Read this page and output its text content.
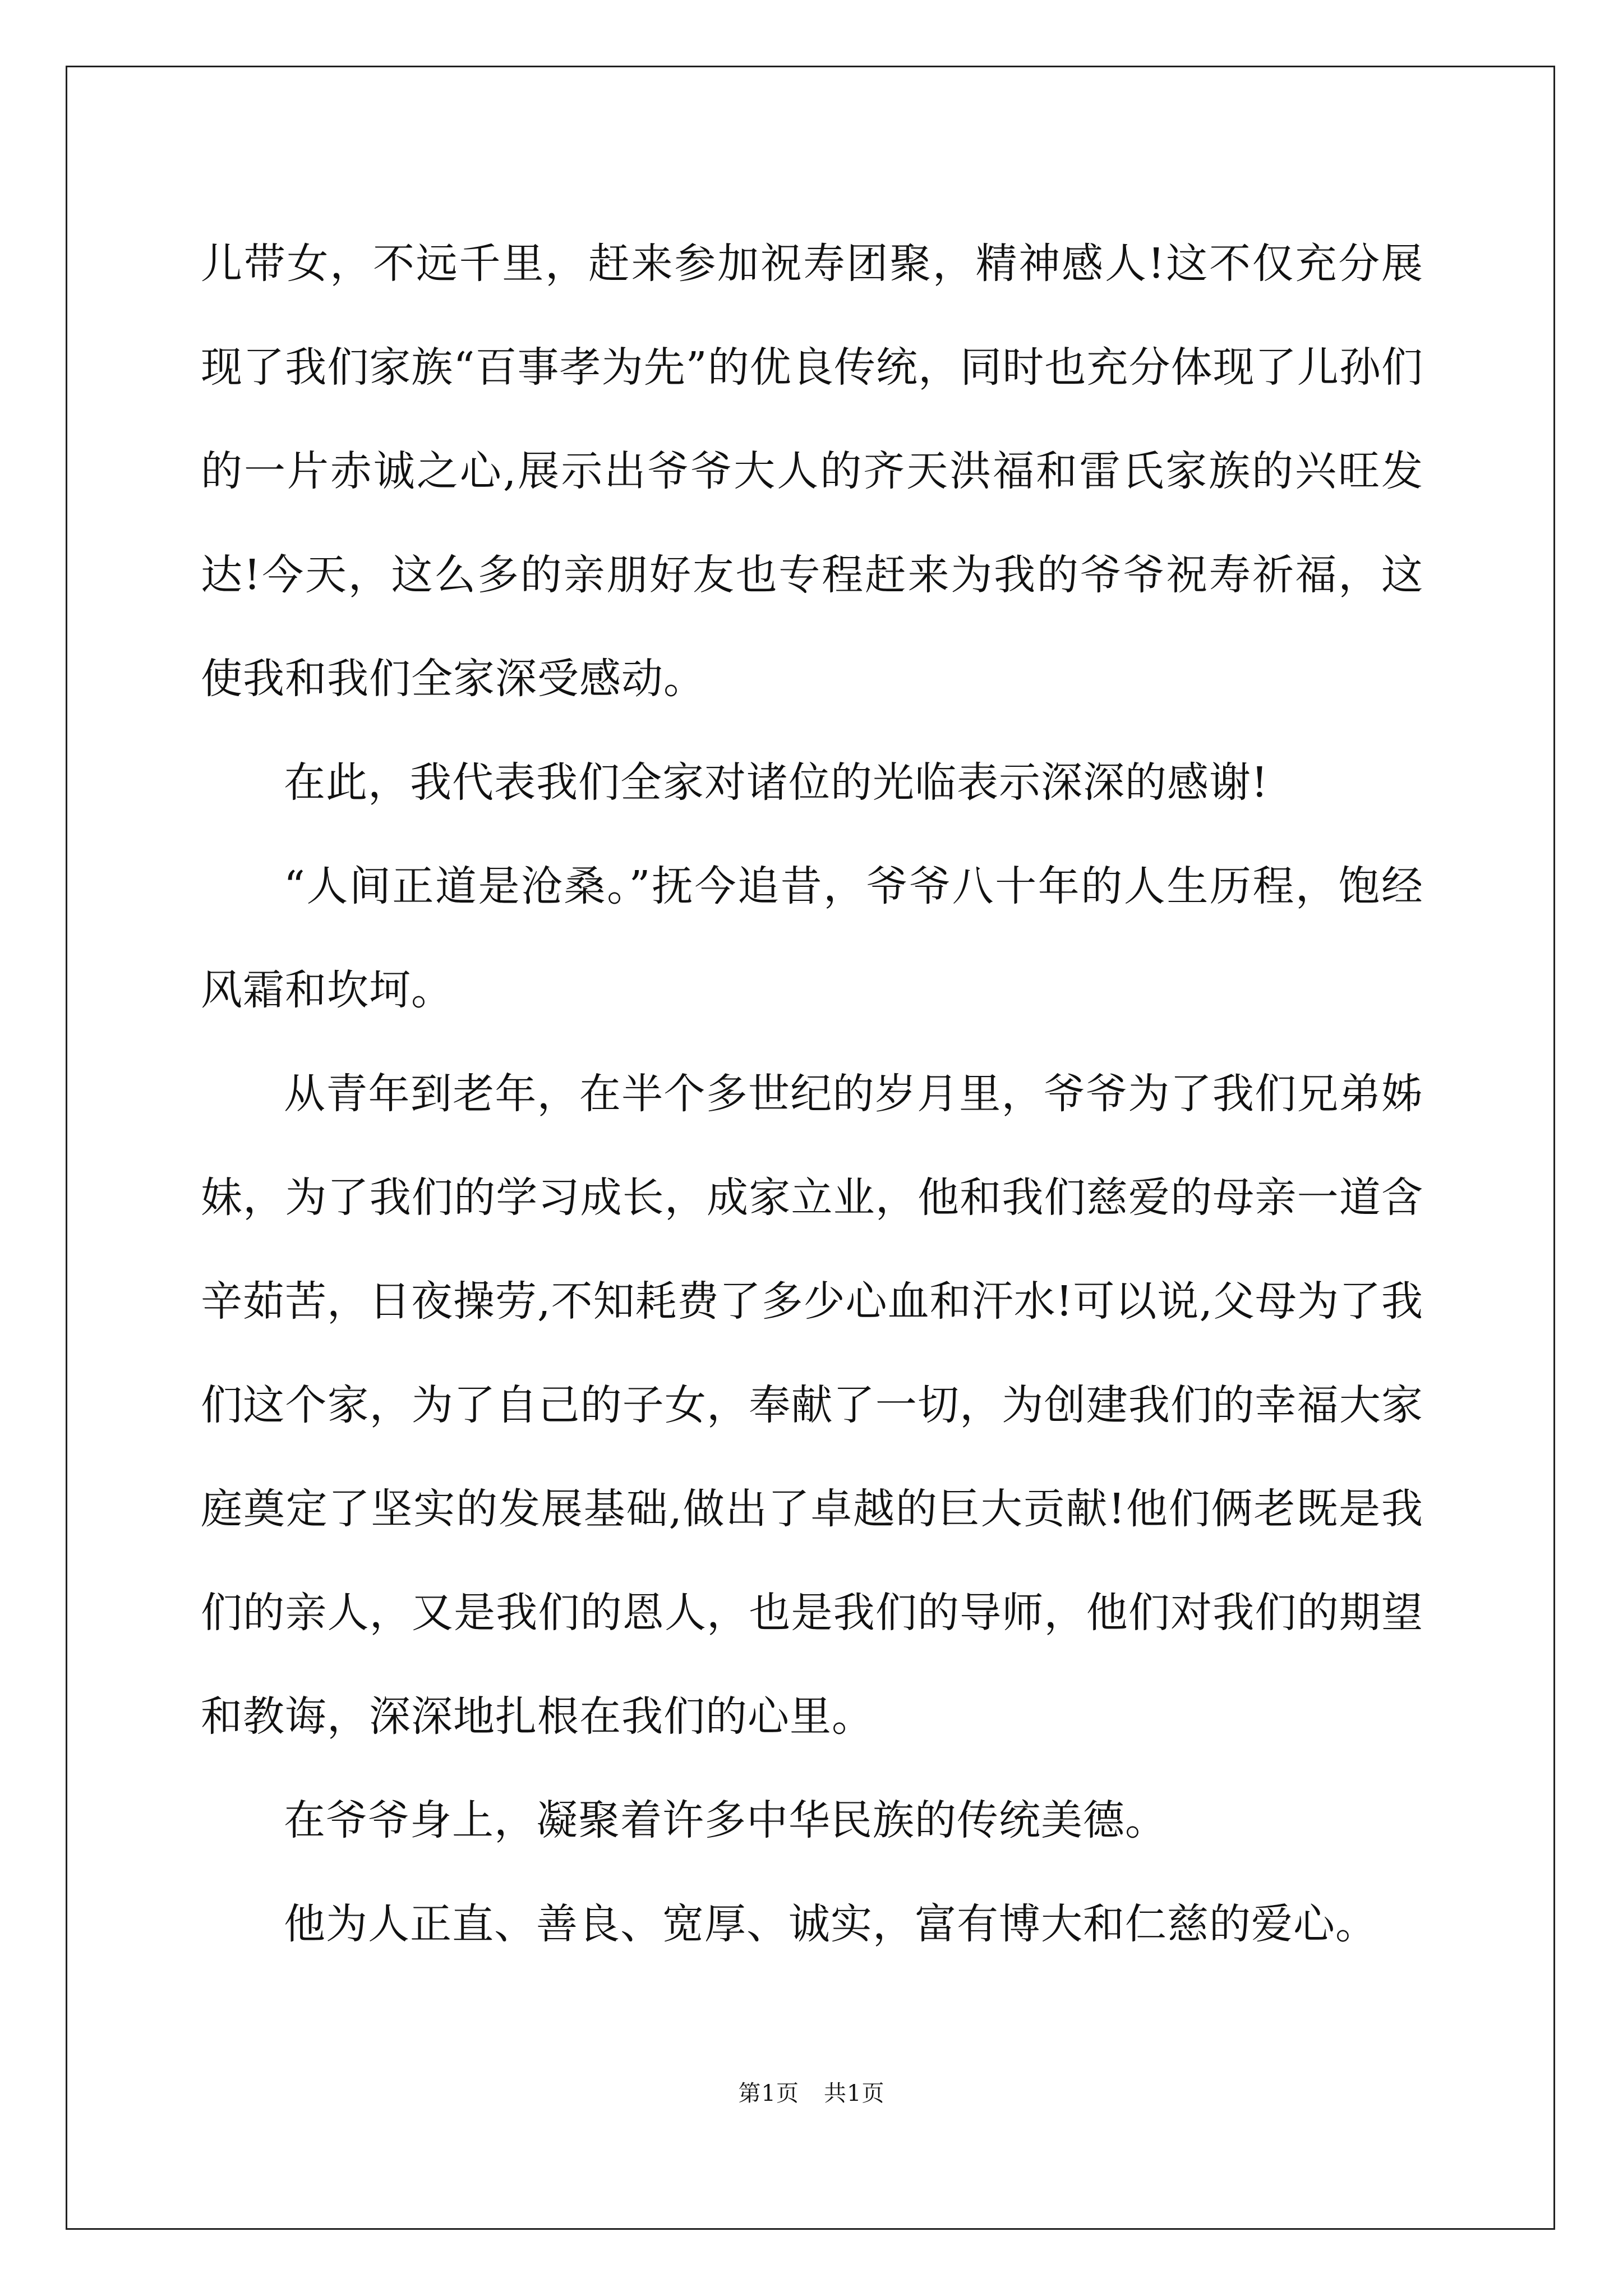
儿带女，不远千里，赶来参加祝寿团聚，精神感人!这不仅充分展现了我们家族“百事孝为先”的优良传统，同时也充分体现了儿孙们的一片赤诚之心,展示出爷爷大人的齐天洪福和雷氏家族的兴旺发达!今天，这么多的亲朋好友也专程赶来为我的爷爷祝寿祈福，这使我和我们全家深受感动。

在此，我代表我们全家对诸位的光临表示深深的感谢!

“人间正道是沧桑。”抚今追昔，爷爷八十年的人生历程，饱经风霜和坎坷。

从青年到老年，在半个多世纪的岁月里，爷爷为了我们兄弟姊妹，为了我们的学习成长，成家立业，他和我们慈爱的母亲一道含辛茹苦，日夜操劳,不知耗费了多少心血和汗水!可以说,父母为了我们这个家，为了自己的子女，奉献了一切，为创建我们的幸福大家庭奠定了坚实的发展基础,做出了卓越的巨大贡献!他们俩老既是我们的亲人，又是我们的恩人，也是我们的导师，他们对我们的期望和教诲，深深地扎根在我们的心里。

在爷爷身上，凝聚着许多中华民族的传统美德。

他为人正直、善良、宽厚、诚实，富有博大和仁慈的爱心。

第1页 共1页
